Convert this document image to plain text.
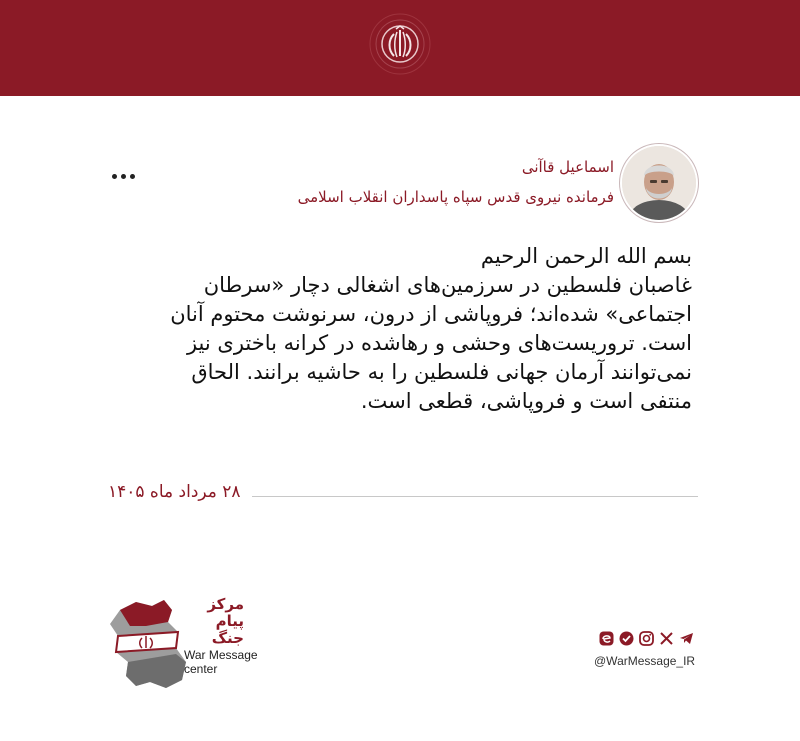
اسماعیل قاآنی
فرمانده نیروی قدس سپاه پاسداران انقلاب اسلامی

بسم الله الرحمن الرحیم

غاصبان فلسطین در سرزمین‌های اشغالی دچار «سرطان

اجتماعی» شده‌اند؛ فروپاشی از درون، سرنوشت محتوم آنان

است. تروریست‌های وحشی و رهاشده در کرانه باختری نیز

نمی‌توانند آرمان جهانی فلسطین را به حاشیه برانند. الحاق

منتفی است و فروپاشی، قطعی است.

۲۸ مرداد ماه ۱۴۰۵
مرکز
پیام جنگ
War Message
center
@WarMessage_IR
